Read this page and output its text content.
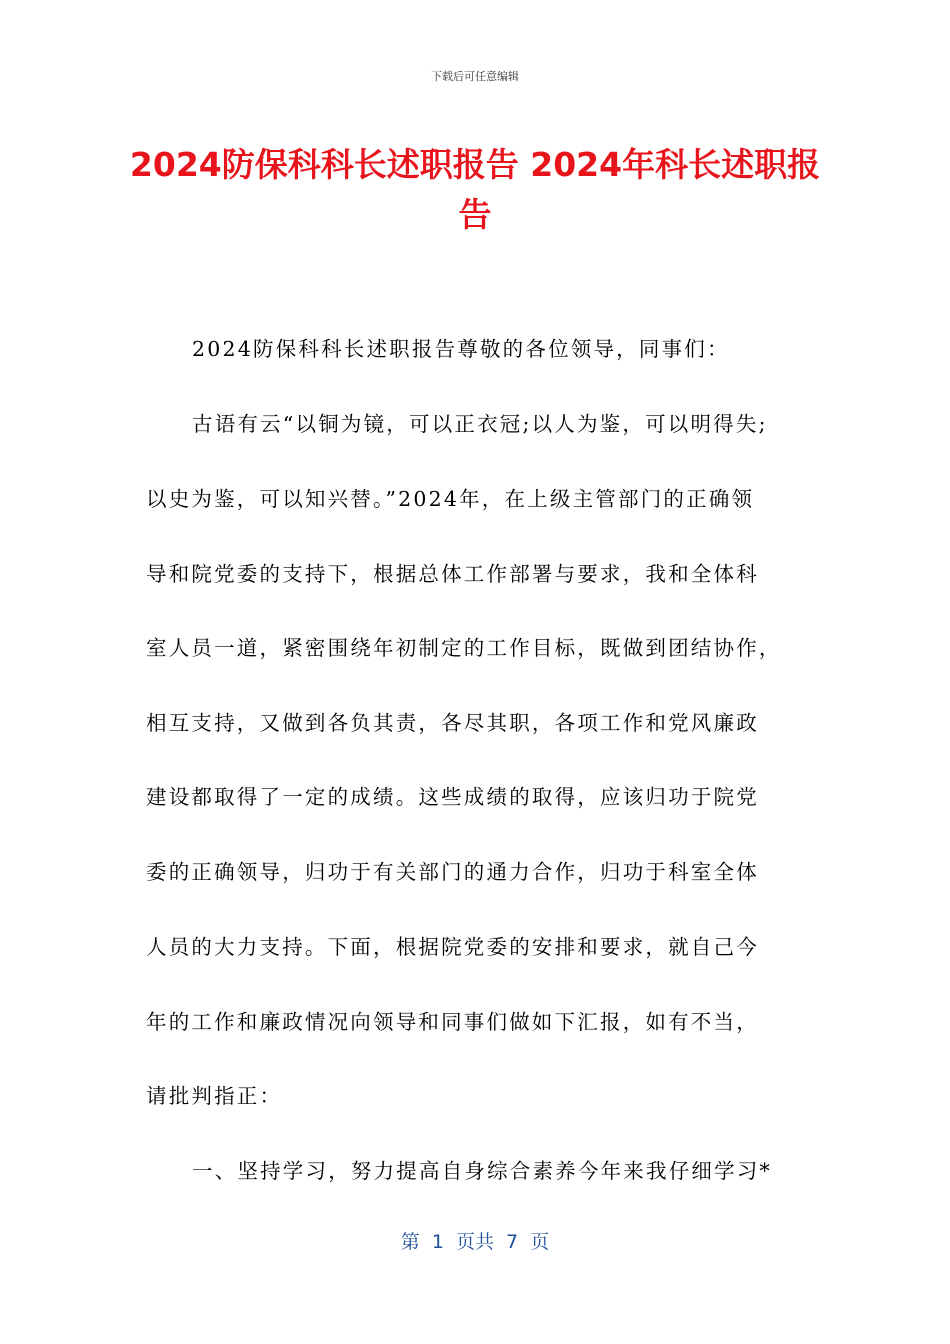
下载后可任意编辑
2024防保科科长述职报告 2024年科长述职报告
2024防保科科长述职报告尊敬的各位领导，同事们：
古语有云“以铜为镜，可以正衣冠;以人为鉴，可以明得失;
以史为鉴，可以知兴替。”2024年，在上级主管部门的正确领
导和院党委的支持下，根据总体工作部署与要求，我和全体科
室人员一道，紧密围绕年初制定的工作目标，既做到团结协作，
相互支持，又做到各负其责，各尽其职，各项工作和党风廉政
建设都取得了一定的成绩。这些成绩的取得，应该归功于院党
委的正确领导，归功于有关部门的通力合作，归功于科室全体
人员的大力支持。下面，根据院党委的安排和要求，就自己今
年的工作和廉政情况向领导和同事们做如下汇报，如有不当，
请批判指正：
一、坚持学习，努力提高自身综合素养今年来我仔细学习*
第 1 页共 7 页
